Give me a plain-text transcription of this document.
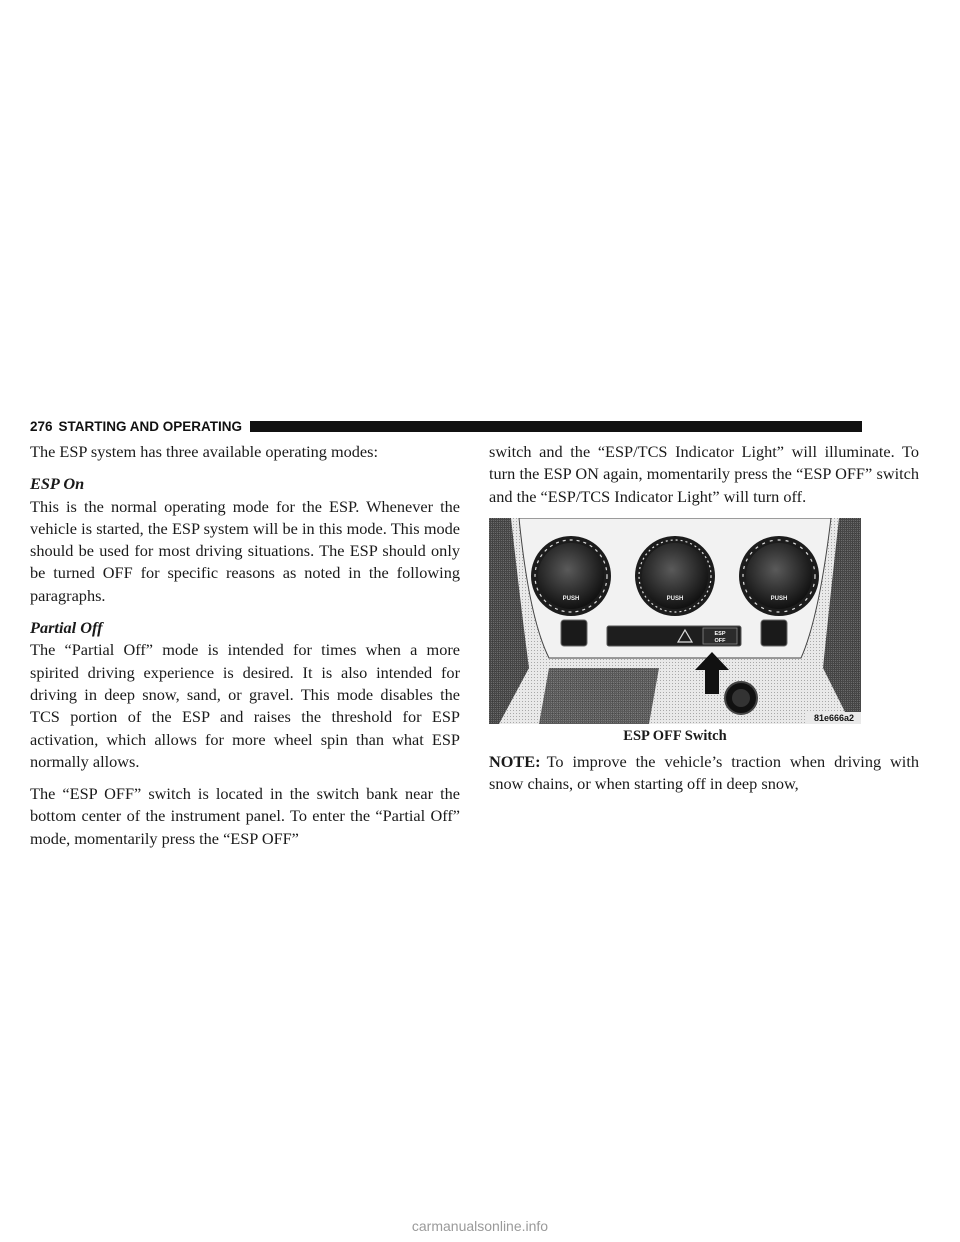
276 STARTING AND OPERATING

The ESP system has three available operating modes:

ESP On

This is the normal operating mode for the ESP. Whenever the vehicle is started, the ESP system will be in this mode. This mode should be used for most driving situations. The ESP should only be turned OFF for specific reasons as noted in the following paragraphs.

Partial Off

The “Partial Off” mode is intended for times when a more spirited driving experience is desired. It is also intended for driving in deep snow, sand, or gravel. This mode disables the TCS portion of the ESP and raises the threshold for ESP activation, which allows for more wheel spin than what ESP normally allows.

The “ESP OFF” switch is located in the switch bank near the bottom center of the instrument panel. To enter the “Partial Off” mode, momentarily press the “ESP OFF”

switch and the “ESP/TCS Indicator Light” will illuminate. To turn the ESP ON again, momentarily press the “ESP OFF” switch and the “ESP/TCS Indicator Light” will turn off.

PUSH	PUSH	PUSH
ESP
OFF
81e666a2
ESP OFF Switch

NOTE: To improve the vehicle’s traction when driving with snow chains, or when starting off in deep snow,

carmanualsonline.info
